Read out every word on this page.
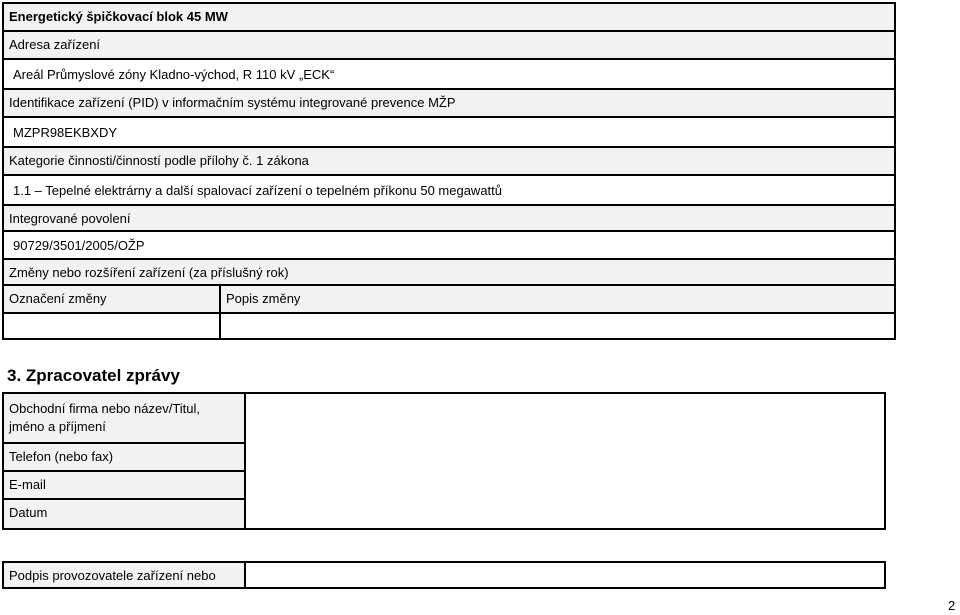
Energetický špičkovací blok 45 MW
Adresa zařízení
Areál Průmyslové zóny Kladno-východ, R 110 kV „ECK“
Identifikace zařízení (PID) v informačním systému integrované prevence MŽP
MZPR98EKBXDY
Kategorie činnosti/činností podle přílohy č. 1 zákona
1.1 – Tepelné elektrárny a další spalovací zařízení o tepelném příkonu 50 megawattů
Integrované povolení
90729/3501/2005/OŽP
Změny nebo rozšíření zařízení (za příslušný rok)
Označení změny	Popis změny
3. Zpracovatel zprávy
Obchodní firma nebo název/Titul,
jméno a příjmení
Telefon (nebo fax)
E-mail
Datum
Podpis provozovatele zařízení nebo
2
